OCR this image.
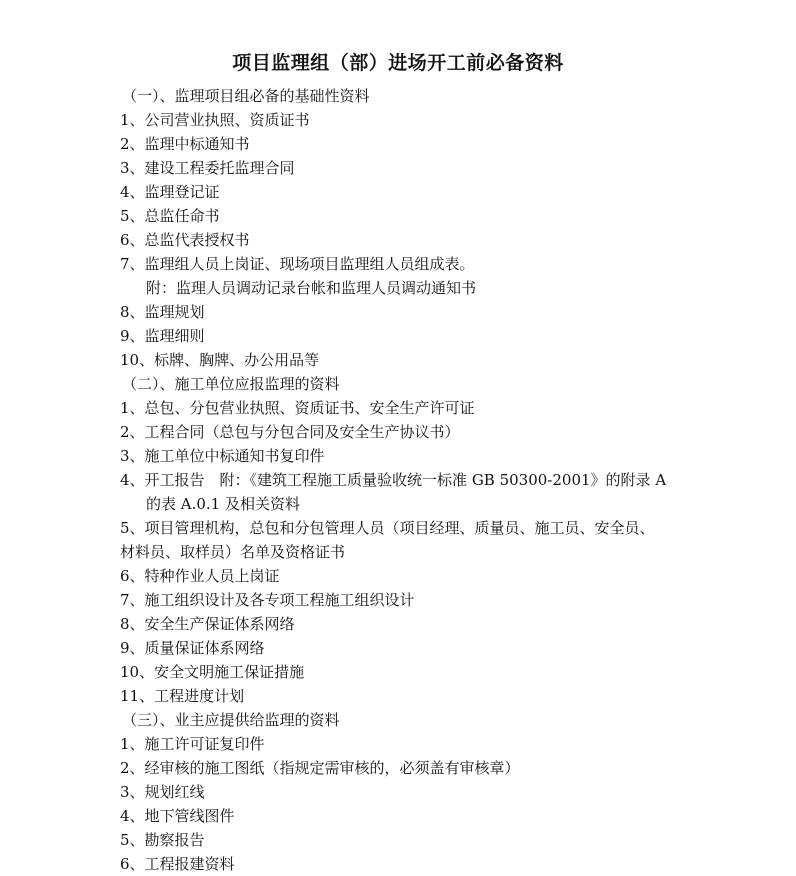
项目监理组（部）进场开工前必备资料
（一）、监理项目组必备的基础性资料
1、公司营业执照、资质证书
2、监理中标通知书
3、建设工程委托监理合同
4、监理登记证
5、总监任命书
6、总监代表授权书
7、监理组人员上岗证、现场项目监理组人员组成表。
附：监理人员调动记录台帐和监理人员调动通知书
8、监理规划
9、监理细则
10、标牌、胸牌、办公用品等
（二）、施工单位应报监理的资料
1、总包、分包营业执照、资质证书、安全生产许可证
2、工程合同（总包与分包合同及安全生产协议书）
3、施工单位中标通知书复印件
4、开工报告　附：《建筑工程施工质量验收统一标准 GB 50300-2001》的附录 A
的表 A.0.1 及相关资料
5、项目管理机构，总包和分包管理人员（项目经理、质量员、施工员、安全员、
材料员、取样员）名单及资格证书
6、特种作业人员上岗证
7、施工组织设计及各专项工程施工组织设计
8、安全生产保证体系网络
9、质量保证体系网络
10、安全文明施工保证措施
11、工程进度计划
（三）、业主应提供给监理的资料
1、施工许可证复印件
2、经审核的施工图纸（指规定需审核的，必须盖有审核章）
3、规划红线
4、地下管线图件
5、勘察报告
6、工程报建资料
